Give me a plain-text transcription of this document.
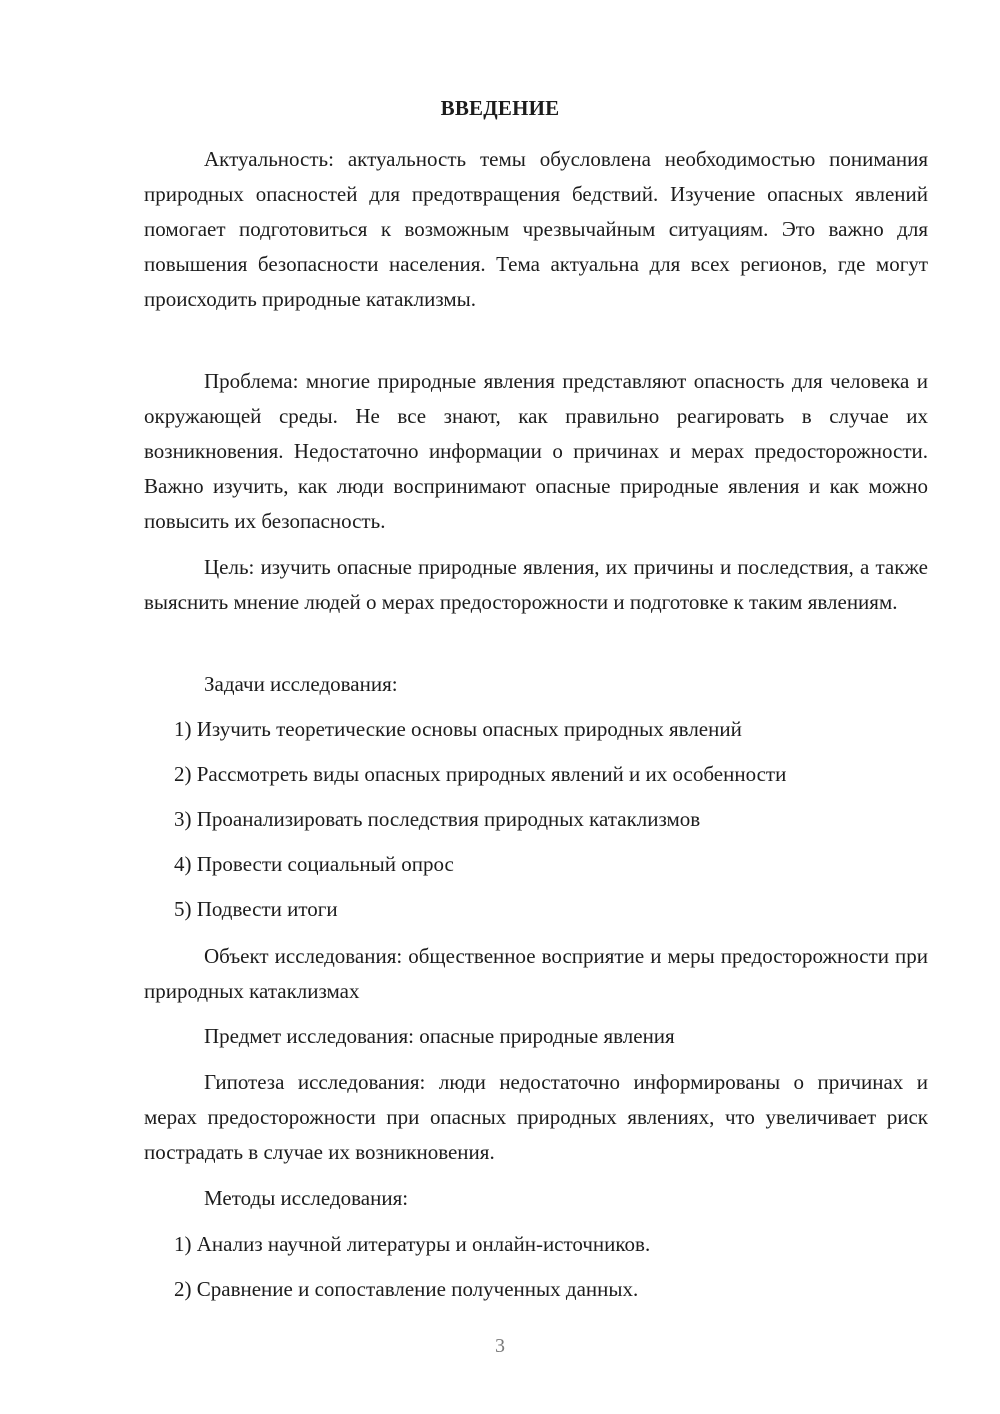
ВВЕДЕНИЕ

Актуальность: актуальность темы обусловлена необходимостью понимания природных опасностей для предотвращения бедствий. Изучение опасных явлений помогает подготовиться к возможным чрезвычайным ситуациям. Это важно для повышения безопасности населения. Тема актуальна для всех регионов, где могут происходить природные катаклизмы.

Проблема: многие природные явления представляют опасность для человека и окружающей среды. Не все знают, как правильно реагировать в случае их возникновения. Недостаточно информации о причинах и мерах предосторожности. Важно изучить, как люди воспринимают опасные природные явления и как можно повысить их безопасность.

Цель: изучить опасные природные явления, их причины и последствия, а также выяснить мнение людей о мерах предосторожности и подготовке к таким явлениям.

Задачи исследования:

1) Изучить теоретические основы опасных природных явлений

2) Рассмотреть виды опасных природных явлений и их особенности

3) Проанализировать последствия природных катаклизмов

4) Провести социальный опрос

5) Подвести итоги

Объект исследования: общественное восприятие и меры предосторожности при природных катаклизмах

Предмет исследования: опасные природные явления

Гипотеза исследования: люди недостаточно информированы о причинах и мерах предосторожности при опасных природных явлениях, что увеличивает риск пострадать в случае их возникновения.

Методы исследования:

1) Анализ научной литературы и онлайн-источников.

2) Сравнение и сопоставление полученных данных.

3
